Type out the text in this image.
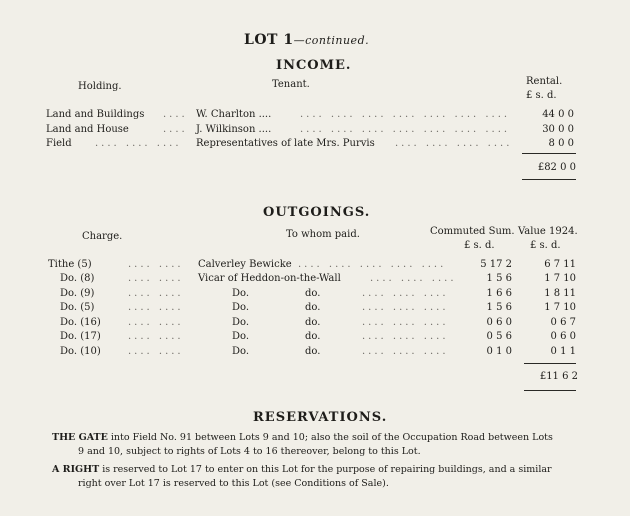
LOT 1—continued.
INCOME.
Holding.	Tenant.	Rental.
£ s. d.
Land and Buildings .... W. Charlton ....	.... .... .... .... .... .... ....	44 0 0
Land and House	.... J. Wilkinson ....	.... .... .... .... .... .... ....	30 0 0
Field .... .... .... Representatives of late Mrs. Purvis .... .... .... ....	8 0 0
£82 0 0
OUTGOINGS.
Charge.	To whom paid.	Commuted Sum. Value 1924.
£ s. d.	£ s. d.
Tithe (5)	.... .... Calverley Bewicke .... .... .... .... ....	5 17 2	6 7 11
Do. (8)	.... .... Vicar of Heddon-on-the-Wall	.... .... ....	1 5 6	1 7 10
Do. (9)	.... ....	Do.	do.	.... .... ....	1 6 6	1 8 11
Do. (5)	.... ....	Do.	do.	.... .... ....	1 5 6	1 7 10
Do. (16)	.... ....	Do.	do.	.... .... ....	0 6 0	0 6 7
Do. (17)	.... ....	Do.	do.	.... .... ....	0 5 6	0 6 0
Do. (10)	.... ....	Do.	do.	.... .... ....	0 1 0	0 1 1
£11 6 2
RESERVATIONS.
THE GATE into Field No. 91 between Lots 9 and 10; also the soil of the Occupation Road between Lots
9 and 10, subject to rights of Lots 4 to 16 thereover, belong to this Lot.
A RIGHT is reserved to Lot 17 to enter on this Lot for the purpose of repairing buildings, and a similar
right over Lot 17 is reserved to this Lot (see Conditions of Sale).
